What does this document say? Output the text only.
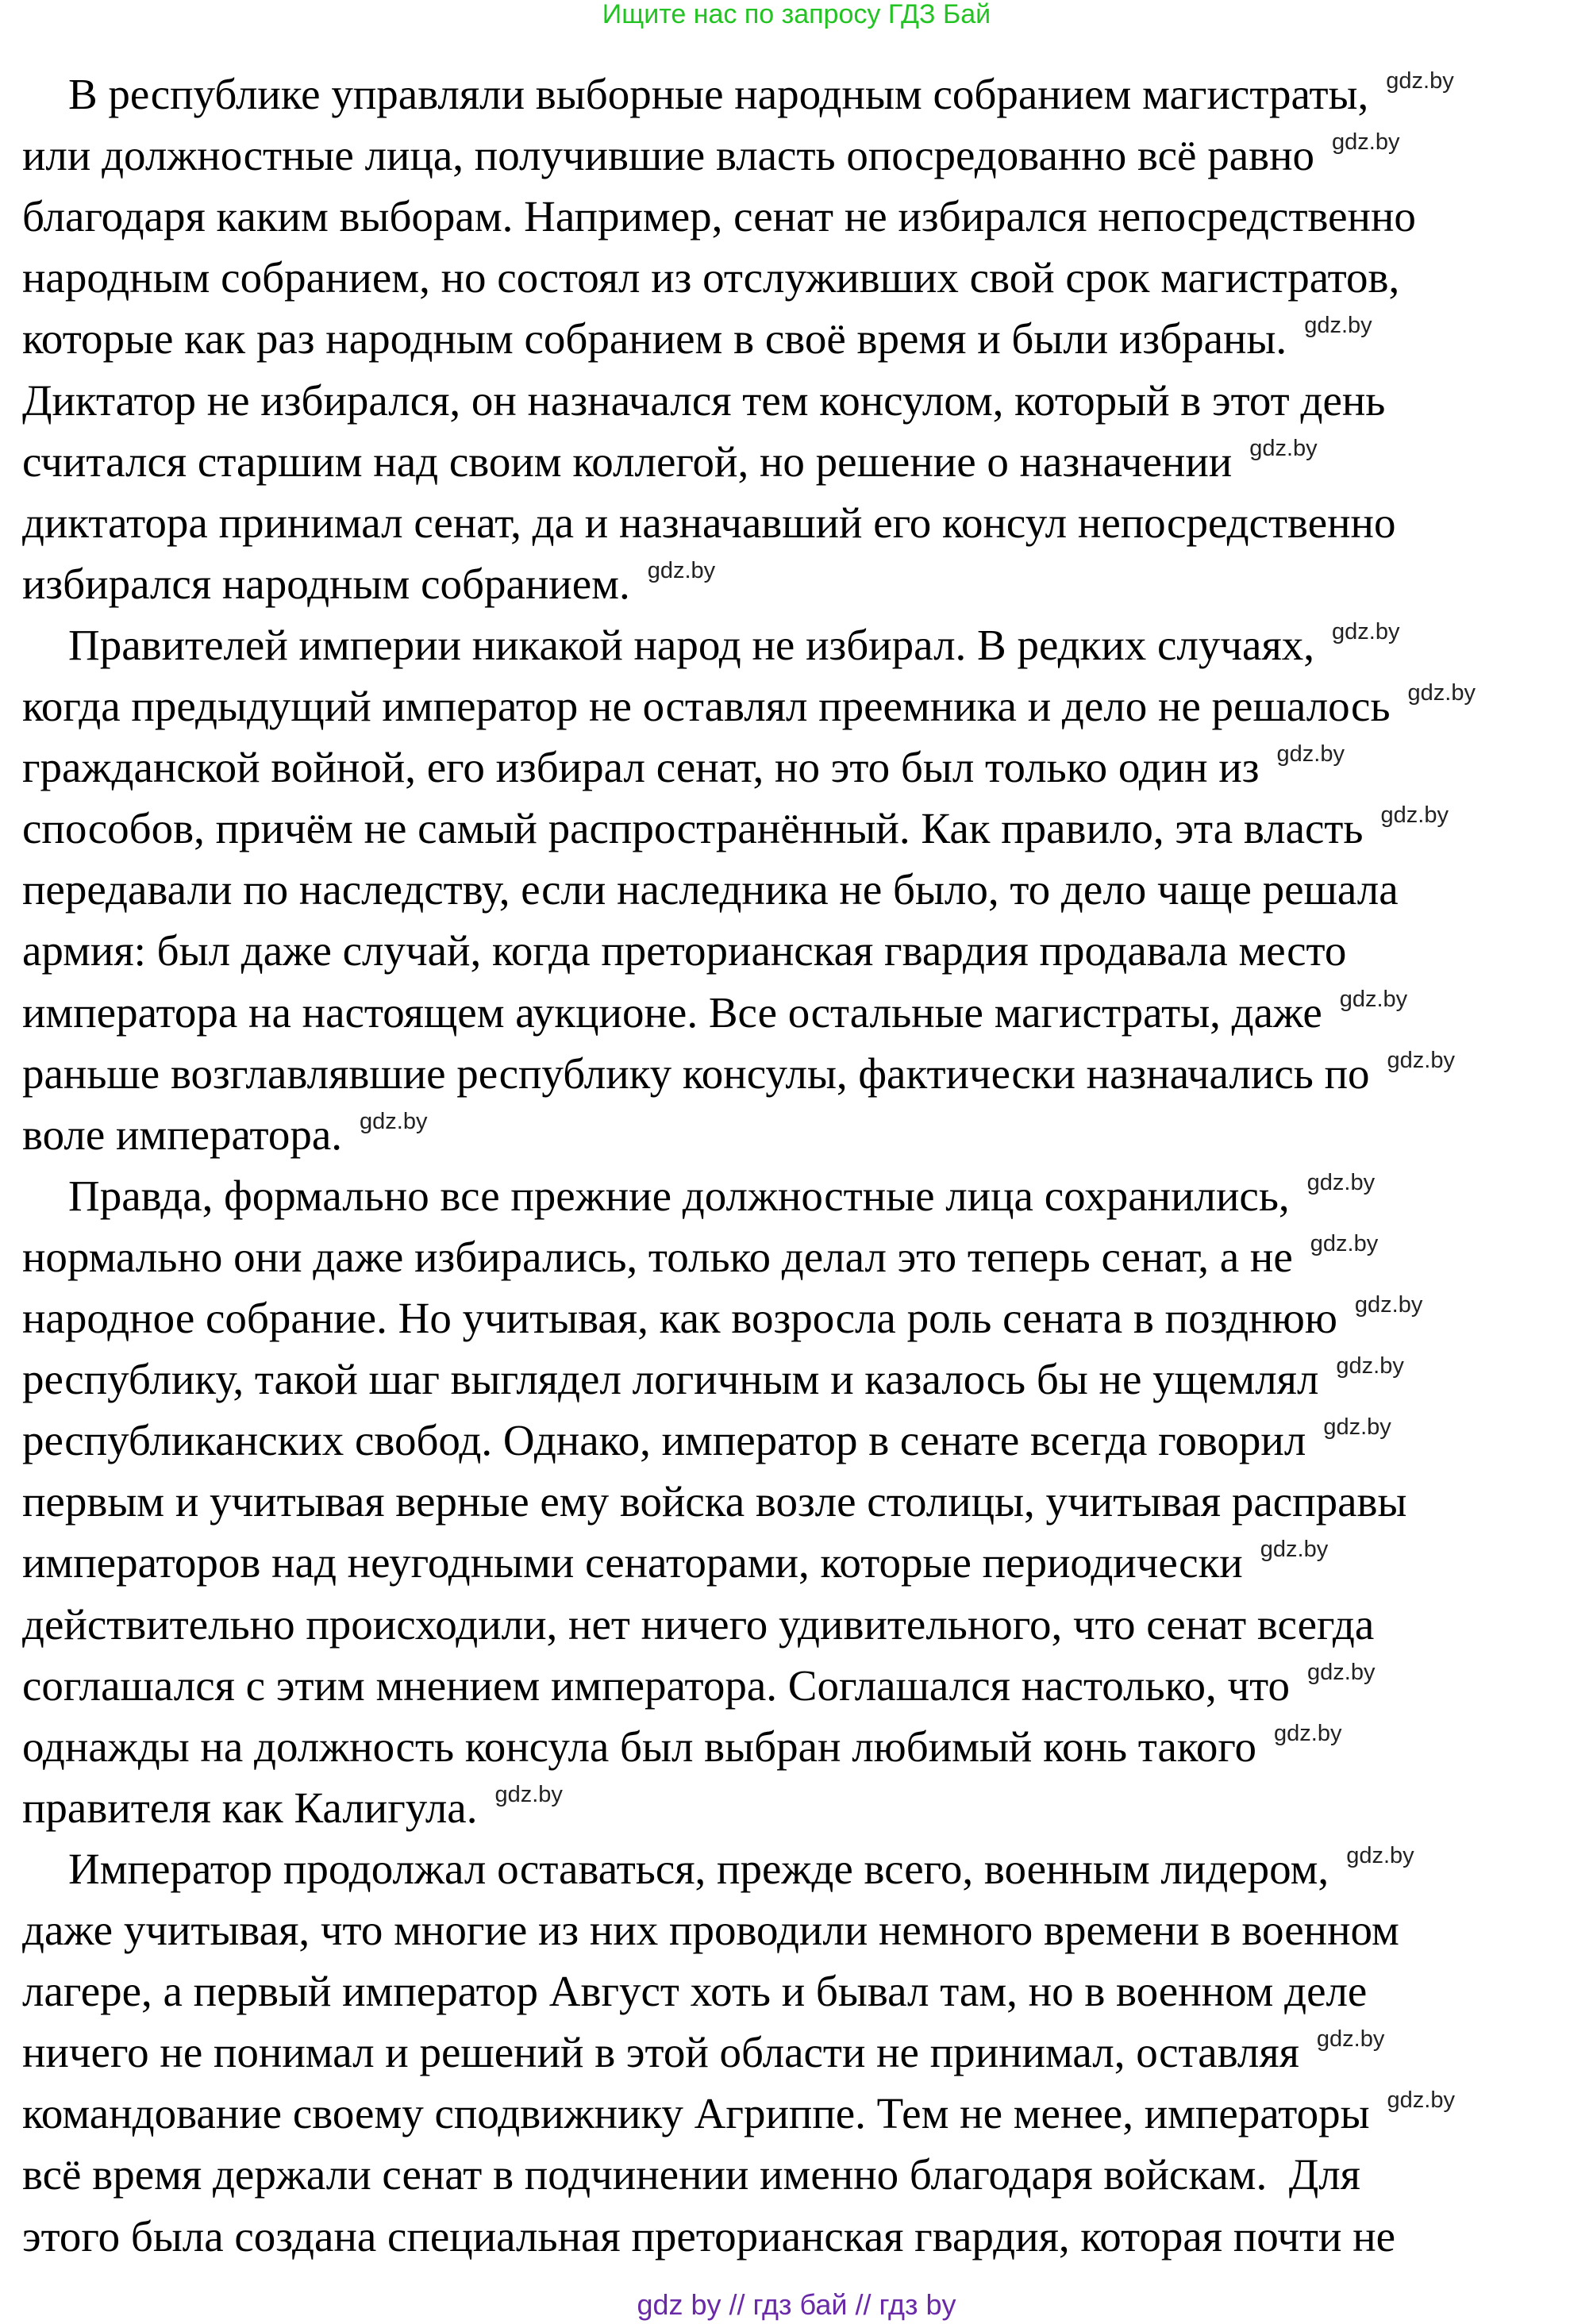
Ищите нас по запросу ГДЗ Бай
В республике управляли выборные народным собранием магистраты, gdz.by
или должностные лица, получившие власть опосредованно всё равно gdz.by
благодаря каким выборам. Например, сенат не избирался непосредственно
народным собранием, но состоял из отслуживших свой срок магистратов,
которые как раз народным собранием в своё время и были избраны. gdz.by
Диктатор не избирался, он назначался тем консулом, который в этот день
считался старшим над своим коллегой, но решение о назначении gdz.by
диктатора принимал сенат, да и назначавший его консул непосредственно
избирался народным собранием. gdz.by
Правителей империи никакой народ не избирал. В редких случаях, gdz.by
когда предыдущий император не оставлял преемника и дело не решалось gdz.by
гражданской войной, его избирал сенат, но это был только один из gdz.by
способов, причём не самый распространённый. Как правило, эта власть gdz.by
передавали по наследству, если наследника не было, то дело чаще решала
армия: был даже случай, когда преторианская гвардия продавала место
императора на настоящем аукционе. Все остальные магистраты, даже gdz.by
раньше возглавлявшие республику консулы, фактически назначались по gdz.by
воле императора. gdz.by
Правда, формально все прежние должностные лица сохранились, gdz.by
нормально они даже избирались, только делал это теперь сенат, а не gdz.by
народное собрание. Но учитывая, как возросла роль сената в позднюю gdz.by
республику, такой шаг выглядел логичным и казалось бы не ущемлял gdz.by
республиканских свобод. Однако, император в сенате всегда говорил gdz.by
первым и учитывая верные ему войска возле столицы, учитывая расправы
императоров над неугодными сенаторами, которые периодически gdz.by
действительно происходили, нет ничего удивительного, что сенат всегда
соглашался с этим мнением императора. Соглашался настолько, что gdz.by
однажды на должность консула был выбран любимый конь такого gdz.by
правителя как Калигула. gdz.by
Император продолжал оставаться, прежде всего, военным лидером, gdz.by
даже учитывая, что многие из них проводили немного времени в военном
лагере, а первый император Август хоть и бывал там, но в военном деле
ничего не понимал и решений в этой области не принимал, оставляя gdz.by
командование своему сподвижнику Агриппе. Тем не менее, императоры gdz.by
всё время держали сенат в подчинении именно благодаря войскам.  Для
этого была создана специальная преторианская гвардия, которая почти не
gdz by // гдз бай // гдз by
